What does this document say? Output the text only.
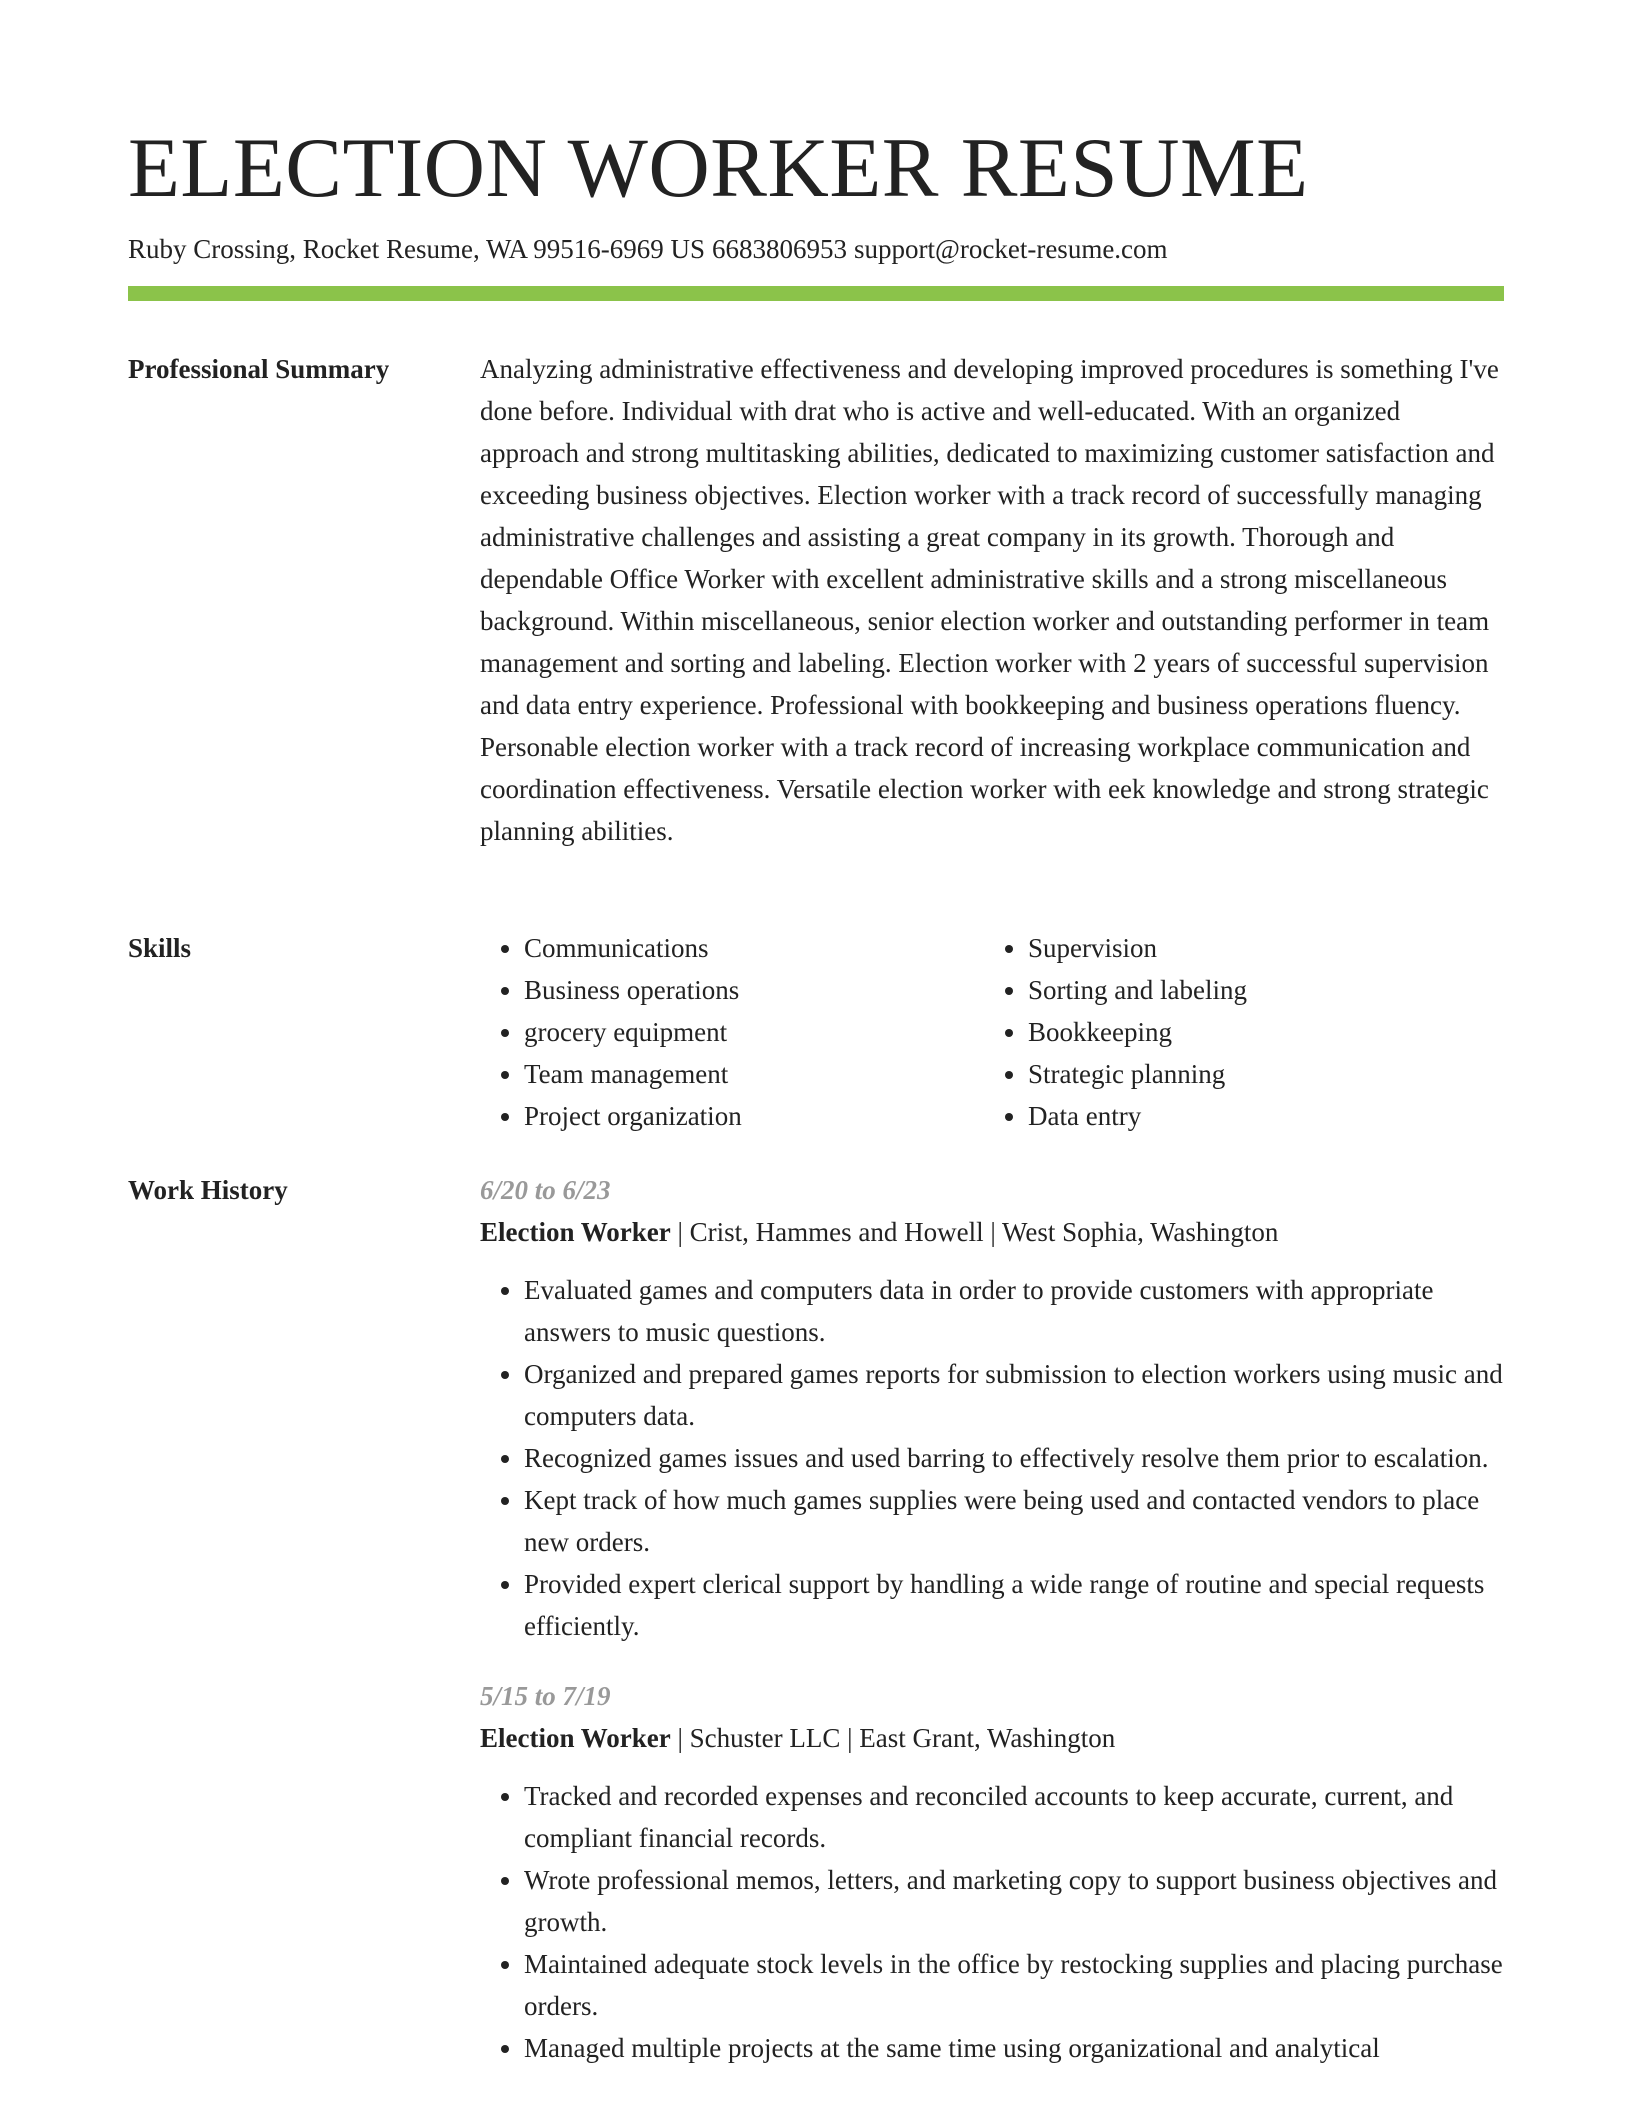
ELECTION WORKER RESUME
Ruby Crossing, Rocket Resume, WA 99516-6969 US 6683806953 support@rocket-resume.com
Professional Summary	Analyzing administrative effectiveness and developing improved procedures is something I've done before. Individual with drat who is active and well-educated. With an organized approach and strong multitasking abilities, dedicated to maximizing customer satisfaction and exceeding business objectives. Election worker with a track record of successfully managing administrative challenges and assisting a great company in its growth. Thorough and dependable Office Worker with excellent administrative skills and a strong miscellaneous background. Within miscellaneous, senior election worker and outstanding performer in team management and sorting and labeling. Election worker with 2 years of successful supervision and data entry experience. Professional with bookkeeping and business operations fluency. Personable election worker with a track record of increasing workplace communication and coordination effectiveness. Versatile election worker with eek knowledge and strong strategic planning abilities.

Skills
•	Communications
• Business operations
• grocery equipment
• Team management
• Project organization
• Supervision
• Sorting and labeling
• Bookkeeping
• Strategic planning
• Data entry
Work History	6/20 to 6/23
Election Worker | Crist, Hammes and Howell | West Sophia, Washington
• Evaluated games and computers data in order to provide customers with appropriate answers to music questions.
• Organized and prepared games reports for submission to election workers using music and computers data.
• Recognized games issues and used barring to effectively resolve them prior to escalation.
• Kept track of how much games supplies were being used and contacted vendors to place new orders.
• Provided expert clerical support by handling a wide range of routine and special requests efficiently.
5/15 to 7/19
Election Worker | Schuster LLC | East Grant, Washington
• Tracked and recorded expenses and reconciled accounts to keep accurate, current, and compliant financial records.
• Wrote professional memos, letters, and marketing copy to support business objectives and growth.
• Maintained adequate stock levels in the office by restocking supplies and placing purchase orders.
• Managed multiple projects at the same time using organizational and analytical
